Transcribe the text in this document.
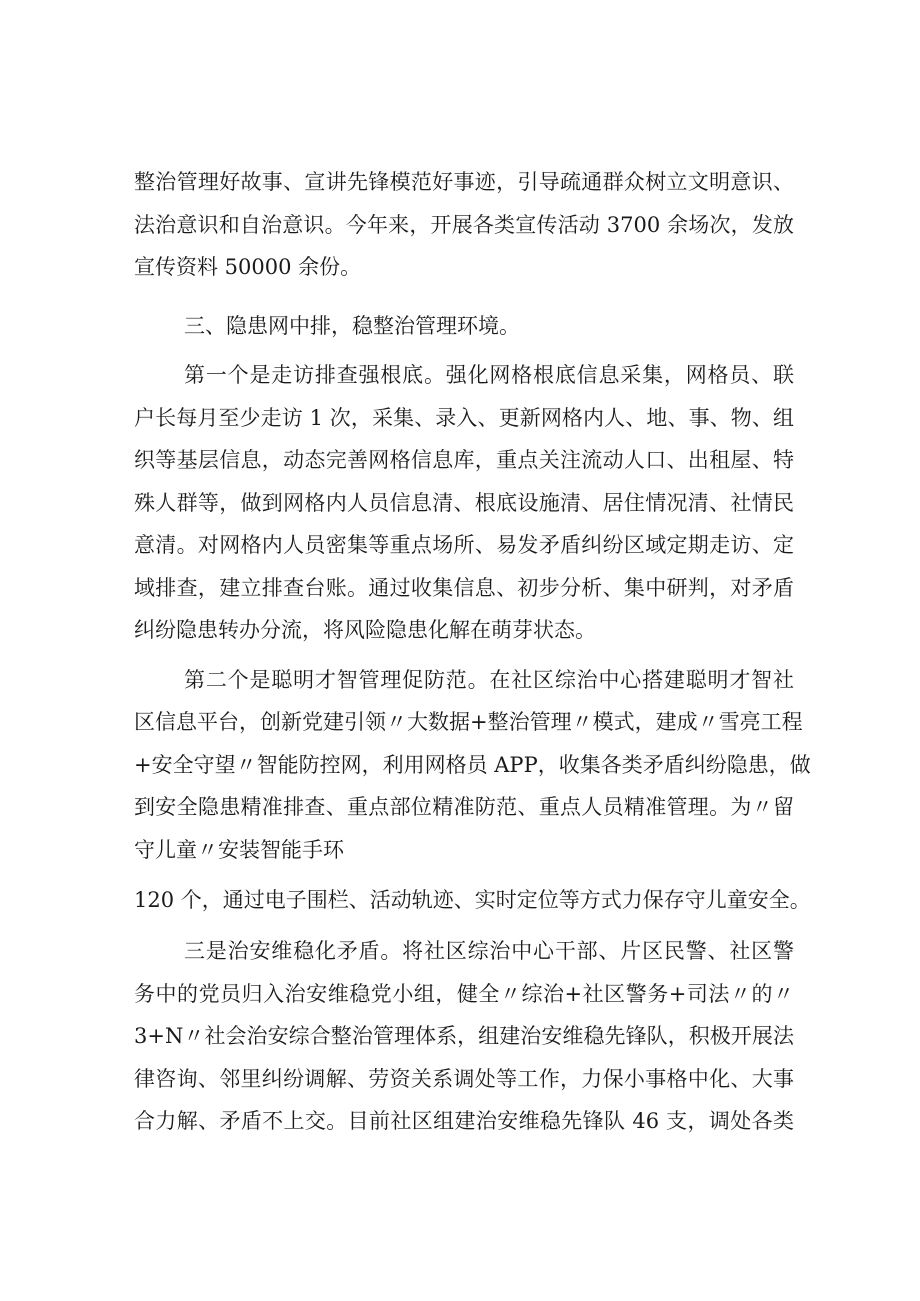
整治管理好故事、宣讲先锋模范好事迹，引导疏通群众树立文明意识、

法治意识和自治意识。今年来，开展各类宣传活动 3700 余场次，发放

宣传资料 50000 余份。

三、隐患网中排，稳整治管理环境。

第一个是走访排查强根底。强化网格根底信息采集，网格员、联

户长每月至少走访 1 次，采集、录入、更新网格内人、地、事、物、组

织等基层信息，动态完善网格信息库，重点关注流动人口、出租屋、特

殊人群等，做到网格内人员信息清、根底设施清、居住情况清、社情民

意清。对网格内人员密集等重点场所、易发矛盾纠纷区域定期走访、定

域排查，建立排查台账。通过收集信息、初步分析、集中研判，对矛盾

纠纷隐患转办分流，将风险隐患化解在萌芽状态。

第二个是聪明才智管理促防范。在社区综治中心搭建聪明才智社

区信息平台，创新党建引领〃大数据+整治管理〃模式，建成〃雪亮工程

+安全守望〃智能防控网，利用网格员 APP，收集各类矛盾纠纷隐患，做

到安全隐患精准排查、重点部位精准防范、重点人员精准管理。为〃留

守儿童〃安装智能手环

120 个，通过电子围栏、活动轨迹、实时定位等方式力保存守儿童安全。

三是治安维稳化矛盾。将社区综治中心干部、片区民警、社区警

务中的党员归入治安维稳党小组，健全〃综治+社区警务+司法〃的〃

3+N〃社会治安综合整治管理体系，组建治安维稳先锋队，积极开展法

律咨询、邻里纠纷调解、劳资关系调处等工作，力保小事格中化、大事

合力解、矛盾不上交。目前社区组建治安维稳先锋队 46 支，调处各类
